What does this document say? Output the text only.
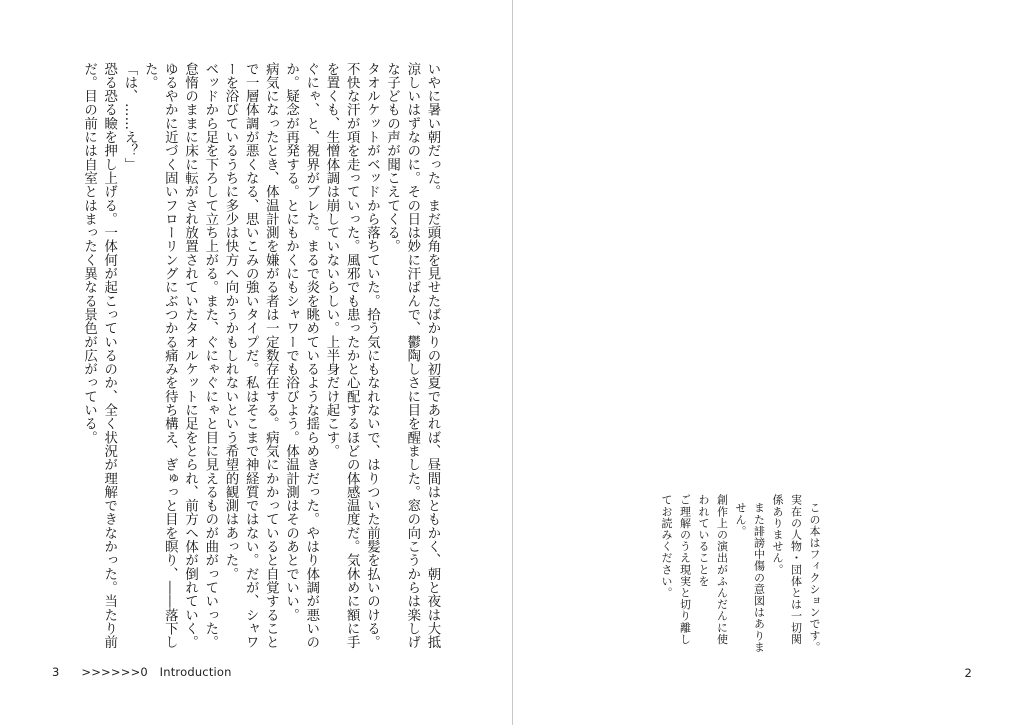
いやに暑い朝だった。まだ頭角を見せたばかりの初夏であれば、昼間はともかく、朝と夜は大抵涼しいはずなのに。その日は妙に汗ばんで、鬱陶しさに目を醒ました。窓の向こうからは楽しげな子どもの声が聞こえてくる。

タオルケットがベッドから落ちていた。拾う気にもなれないで、はりついた前髪を払いのける。不快な汗が項を走っていった。風邪でも患ったかと心配するほどの体感温度だ。気休めに額に手を置くも、生憎体調は崩していないらしい。上半身だけ起こす。

ぐにゃ、と、視界がブレた。まるで炎を眺めているような揺らめきだった。やはり体調が悪いのか。疑念が再発する。とにもかくにもシャワーでも浴びよう。体温計測はそのあとでいい。

病気になったとき、体温計測を嫌がる者は一定数存在する。病気にかかっていると自覚することで一層体調が悪くなる、思いこみの強いタイプだ。私はそこまで神経質ではない。だが、シャワーを浴びているうちに多少は快方へ向かうかもしれないという希望的観測はあった。

ベッドから足を下ろして立ち上がる。また、ぐにゃぐにゃと目に見えるものが曲がっていった。怠惰のままに床に転がされ放置されていたタオルケットに足をとられ、前方へ体が倒れていく。ゆるやかに近づく固いフローリングにぶつかる痛みを待ち構え、ぎゅっと目を瞑り、――落下した。

「は、……え？」

恐る恐る瞼を押し上げる。一体何が起こっているのか、全く状況が理解できなかった。当たり前だ。目の前には自室とはまったく異なる景色が広がっている。

3 >>>>>>0　Introduction

この本はフィクションです。

実在の人物・団体とは一切関係ありません。

また誹謗中傷の意図はありません。

創作上の演出がふんだんに使われていることを

ご理解のうえ現実と切り離してお読みください。

2
